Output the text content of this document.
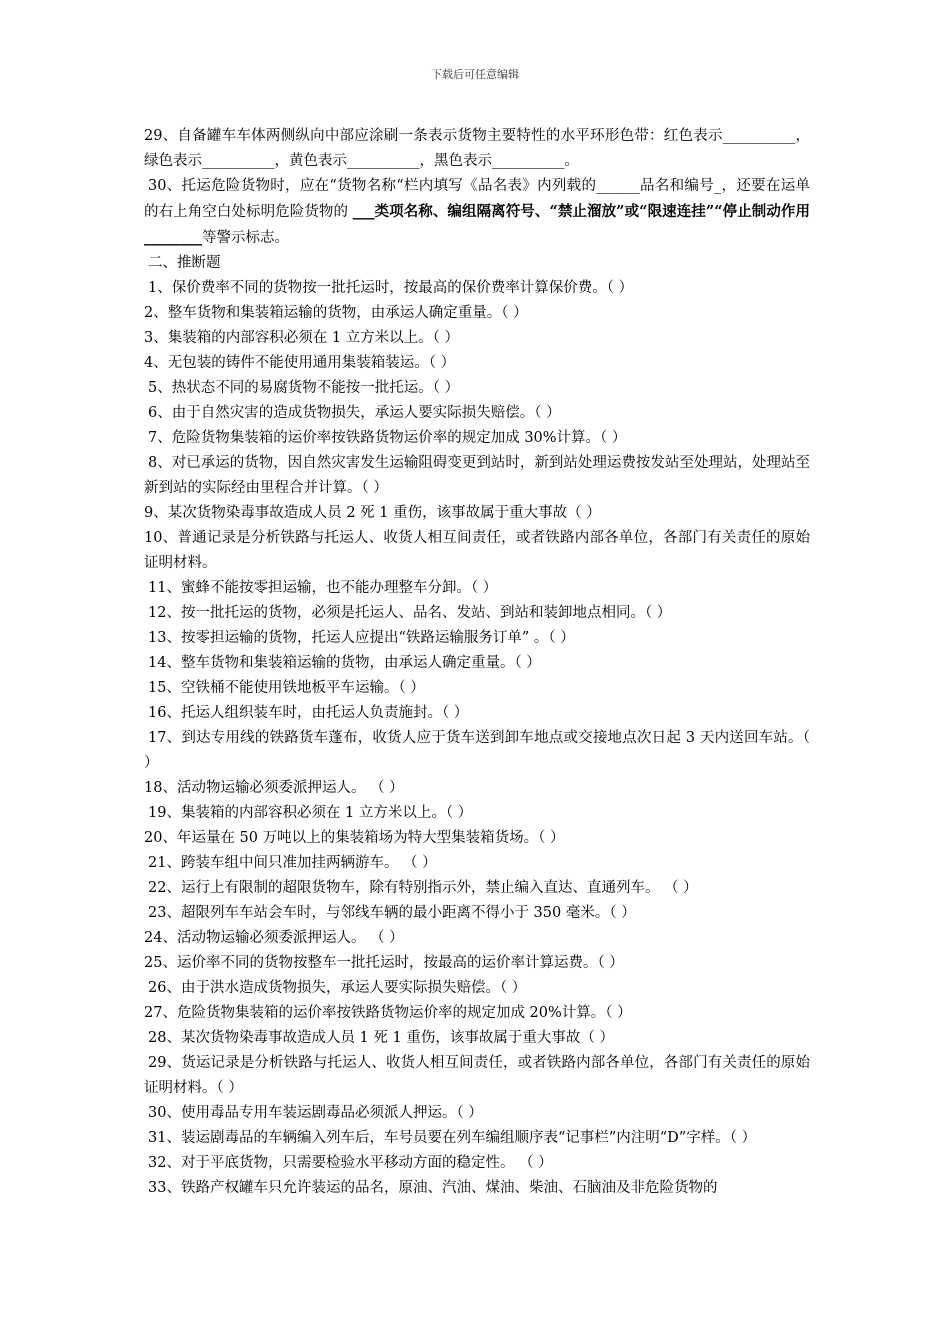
下载后可任意编辑

29、自备罐车车体两侧纵向中部应涂刷一条表示货物主要特性的水平环形色带：红色表示__________，绿色表示__________，黄色表示__________，黑色表示__________。

30、托运危险货物时，应在“货物名称“栏内填写《品名表》内列载的______品名和编号_，还要在运单的右上角空白处标明危险货物的 ___类项名称、编组隔离符号、“禁止溜放”或“限速连挂”“停止制动作用________等警示标志。

二、推断题

1、保价费率不同的货物按一批托运时，按最高的保价费率计算保价费。（ ）

2、整车货物和集装箱运输的货物，由承运人确定重量。（ ）

3、集装箱的内部容积必须在 1 立方米以上。（ ）

4、无包装的铸件不能使用通用集装箱装运。（ ）

5、热状态不同的易腐货物不能按一批托运。（ ）

6、由于自然灾害的造成货物损失，承运人要实际损失赔偿。（ ）

7、危险货物集装箱的运价率按铁路货物运价率的规定加成 30%计算。（ ）

8、对已承运的货物，因自然灾害发生运输阻碍变更到站时，新到站处理运费按发站至处理站，处理站至新到站的实际经由里程合并计算。（ ）

9、某次货物染毒事故造成人员 2 死 1 重伤，该事故属于重大事故（ ）

10、普通记录是分析铁路与托运人、收货人相互间责任，或者铁路内部各单位，各部门有关责任的原始证明材料。

11、蜜蜂不能按零担运输，也不能办理整车分卸。（ ）

12、按一批托运的货物，必须是托运人、品名、发站、到站和装卸地点相同。（ ）

13、按零担运输的货物，托运人应提出“铁路运输服务订单” 。（ ）

14、整车货物和集装箱运输的货物，由承运人确定重量。（ ）

15、空铁桶不能使用铁地板平车运输。（ ）

16、托运人组织装车时，由托运人负责施封。（ ）

17、到达专用线的铁路货车蓬布，收货人应于货车送到卸车地点或交接地点次日起 3 天内送回车站。（ ）

18、活动物运输必须委派押运人。 （ ）

19、集装箱的内部容积必须在 1 立方米以上。（ ）

20、年运量在 50 万吨以上的集装箱场为特大型集装箱货场。（ ）

21、跨装车组中间只准加挂两辆游车。 （ ）

22、运行上有限制的超限货物车，除有特别指示外，禁止编入直达、直通列车。 （ ）

23、超限列车车站会车时，与邻线车辆的最小距离不得小于 350 毫米。（ ）

24、活动物运输必须委派押运人。 （ ）

25、运价率不同的货物按整车一批托运时，按最高的运价率计算运费。（ ）

26、由于洪水造成货物损失，承运人要实际损失赔偿。（ ）

27、危险货物集装箱的运价率按铁路货物运价率的规定加成 20%计算。（ ）

28、某次货物染毒事故造成人员 1 死 1 重伤，该事故属于重大事故（ ）

29、货运记录是分析铁路与托运人、收货人相互间责任，或者铁路内部各单位，各部门有关责任的原始证明材料。（ ）

30、使用毒品专用车装运剧毒品必须派人押运。（ ）

31、装运剧毒品的车辆编入列车后，车号员要在列车编组顺序表“记事栏”内注明“D”字样。（ ）

32、对于平底货物，只需要检验水平移动方面的稳定性。 （ ）

33、铁路产权罐车只允许装运的品名，原油、汽油、煤油、柴油、石脑油及非危险货物的
